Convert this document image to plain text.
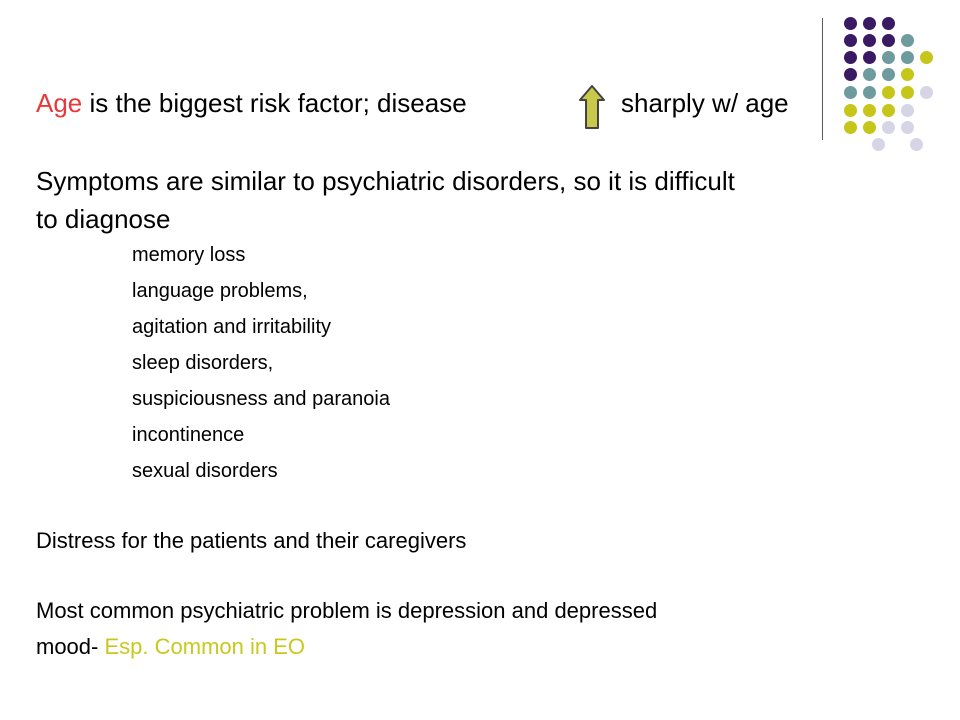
Age is the biggest risk factor; disease	sharply w/ age
Symptoms are similar to psychiatric disorders, so it is difficult
to diagnose
memory loss
language problems,
agitation and irritability
sleep disorders,
suspiciousness and paranoia
incontinence
sexual disorders
Distress for the patients and their caregivers
Most common psychiatric problem is depression and depressed
mood- Esp. Common in EO
